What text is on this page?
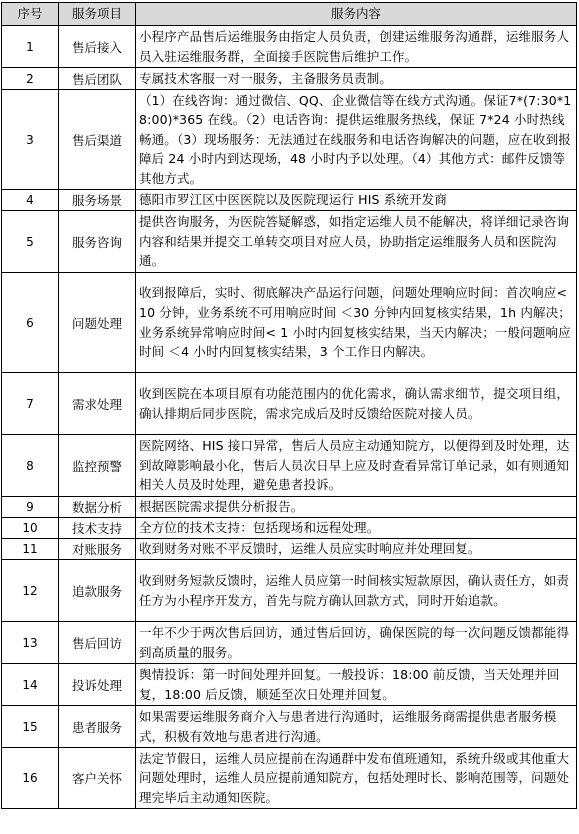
序号	服务项目	服务内容
1	售后接入	小程序产品售后运维服务由指定人员负责，创建运维服务沟通群，运维服务人员入驻运维服务群，全面接手医院售后维护工作。
2	售后团队	专属技术客服一对一服务，主备服务员责制。
3	售后渠道	（1）在线咨询：通过微信、QQ、企业微信等在线方式沟通。保证7*(7:30*18:00)*365 在线。（2）电话咨询：提供运维服务热线，保证 7*24 小时热线畅通。（3）现场服务：无法通过在线服务和电话咨询解决的问题，应在收到报障后 24 小时内到达现场，48 小时内予以处理。（4）其他方式：邮件反馈等其他方式。
4	服务场景	德阳市罗江区中医医院以及医院现运行 HIS 系统开发商
5	服务咨询	提供咨询服务，为医院答疑解惑，如指定运维人员不能解决，将详细记录咨询内容和结果并提交工单转交项目对应人员，协助指定运维服务人员和医院沟通。
6	问题处理	收到报障后，实时、彻底解决产品运行问题，问题处理响应时间：首次响应< 10 分钟，业务系统不可用响应时间 ＜30 分钟内回复核实结果，1h 内解决；业务系统异常响应时间< 1 小时内回复核实结果，当天内解决；一般问题响应时间 ＜4 小时内回复核实结果，3 个工作日内解决。
7	需求处理	收到医院在本项目原有功能范围内的优化需求，确认需求细节，提交项目组，确认排期后同步医院，需求完成后及时反馈给医院对接人员。
8	监控预警	医院网络、HIS 接口异常，售后人员应主动通知院方，以便得到及时处理，达到故障影响最小化，售后人员次日早上应及时查看异常订单记录，如有则通知相关人员及时处理，避免患者投诉。
9	数据分析	根据医院需求提供分析报告。
10	技术支持	全方位的技术支持：包括现场和远程处理。
11	对账服务	收到财务对账不平反馈时，运维人员应实时响应并处理回复。
12	追款服务	收到财务短款反馈时，运维人员应第一时间核实短款原因，确认责任方，如责任方为小程序开发方，首先与院方确认回款方式，同时开始追款。
13	售后回访	一年不少于两次售后回访，通过售后回访，确保医院的每一次问题反馈都能得到高质量的服务。
14	投诉处理	舆情投诉：第一时间处理并回复。一般投诉：18:00 前反馈，当天处理并回复，18:00 后反馈，顺延至次日处理并回复。
15	患者服务	如果需要运维服务商介入与患者进行沟通时，运维服务商需提供患者服务模式，积极有效地与患者进行沟通。
16	客户关怀	法定节假日，运维人员应提前在沟通群中发布值班通知，系统升级或其他重大问题处理时，运维人员应提前通知院方，包括处理时长、影响范围等，问题处理完毕后主动通知医院。
